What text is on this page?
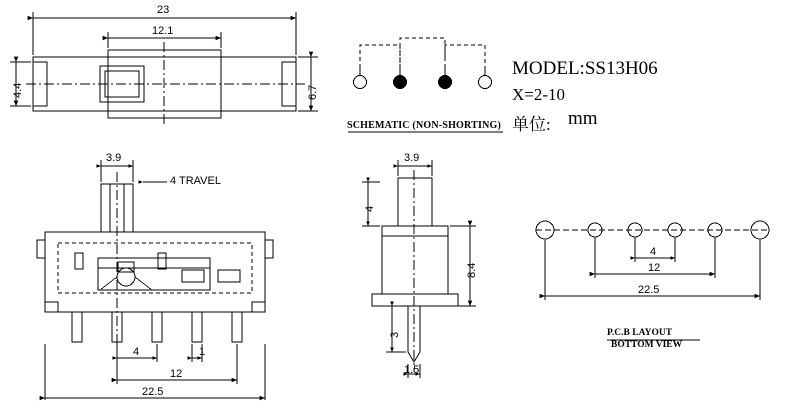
23
12.1
4.4	6.7
SCHEMATIC (NON-SHORTING)
MODEL:SS13H06
X=2-10
单位: mm
3.9
4 TRAVEL
4	1
12
22.5
3.9
4
8.4
3
1.5
4
12
22.5
P.C.B LAYOUT
BOTTOM VIEW
